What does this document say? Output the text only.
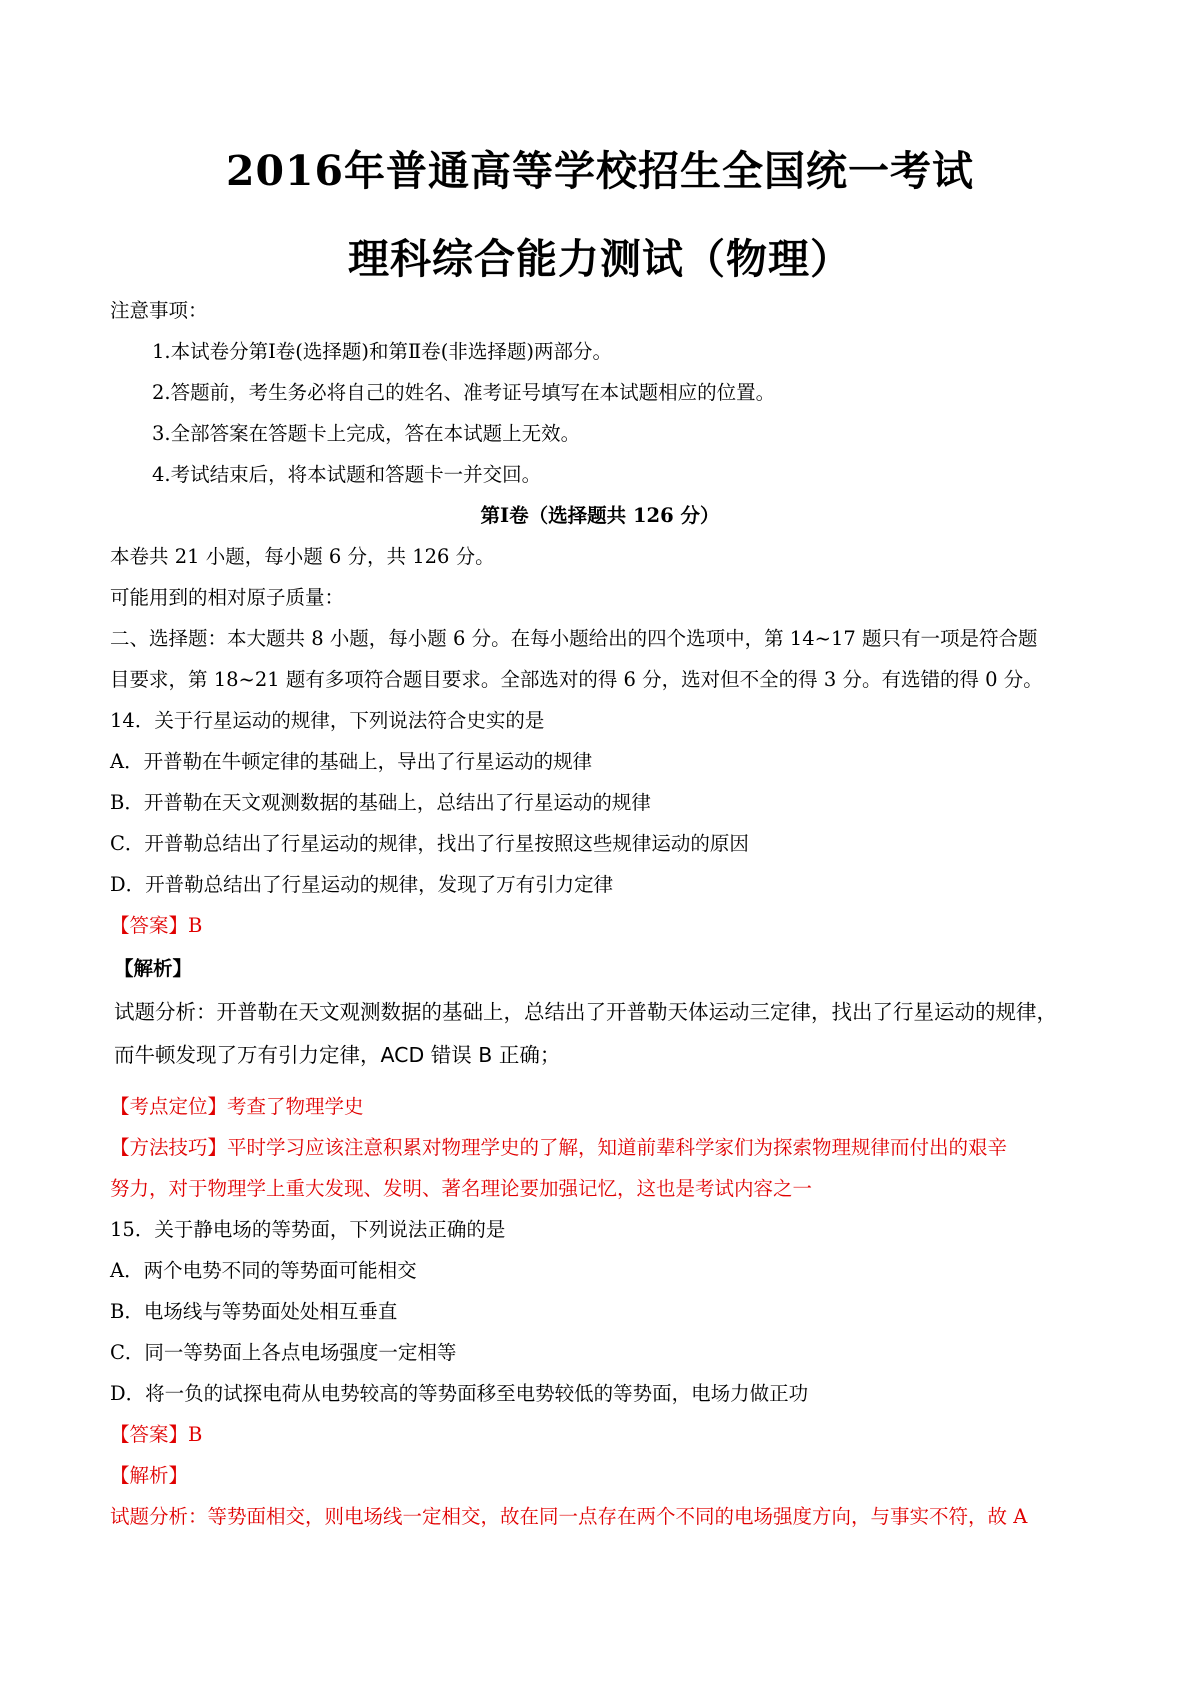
2016年普通高等学校招生全国统一考试
理科综合能力测试（物理）
注意事项：
1.本试卷分第Ⅰ卷(选择题)和第Ⅱ卷(非选择题)两部分。
2.答题前，考生务必将自己的姓名、准考证号填写在本试题相应的位置。
3.全部答案在答题卡上完成，答在本试题上无效。
4.考试结束后，将本试题和答题卡一并交回。
第Ⅰ卷（选择题共 126 分）
本卷共 21 小题，每小题 6 分，共 126 分。
可能用到的相对原子质量：
二、选择题：本大题共 8 小题，每小题 6 分。在每小题给出的四个选项中，第 14~17 题只有一项是符合题
目要求，第 18~21 题有多项符合题目要求。全部选对的得 6 分，选对但不全的得 3 分。有选错的得 0 分。
14．关于行星运动的规律，下列说法符合史实的是
A．开普勒在牛顿定律的基础上，导出了行星运动的规律
B．开普勒在天文观测数据的基础上，总结出了行星运动的规律
C．开普勒总结出了行星运动的规律，找出了行星按照这些规律运动的原因
D．开普勒总结出了行星运动的规律，发现了万有引力定律
【答案】B
【解析】
试题分析：开普勒在天文观测数据的基础上，总结出了开普勒天体运动三定律，找出了行星运动的规律，
而牛顿发现了万有引力定律，ACD 错误 B 正确；
【考点定位】考查了物理学史
【方法技巧】平时学习应该注意积累对物理学史的了解，知道前辈科学家们为探索物理规律而付出的艰辛
努力，对于物理学上重大发现、发明、著名理论要加强记忆，这也是考试内容之一
15．关于静电场的等势面，下列说法正确的是
A．两个电势不同的等势面可能相交
B．电场线与等势面处处相互垂直
C．同一等势面上各点电场强度一定相等
D．将一负的试探电荷从电势较高的等势面移至电势较低的等势面，电场力做正功
【答案】B
【解析】
试题分析：等势面相交，则电场线一定相交，故在同一点存在两个不同的电场强度方向，与事实不符，故 A
